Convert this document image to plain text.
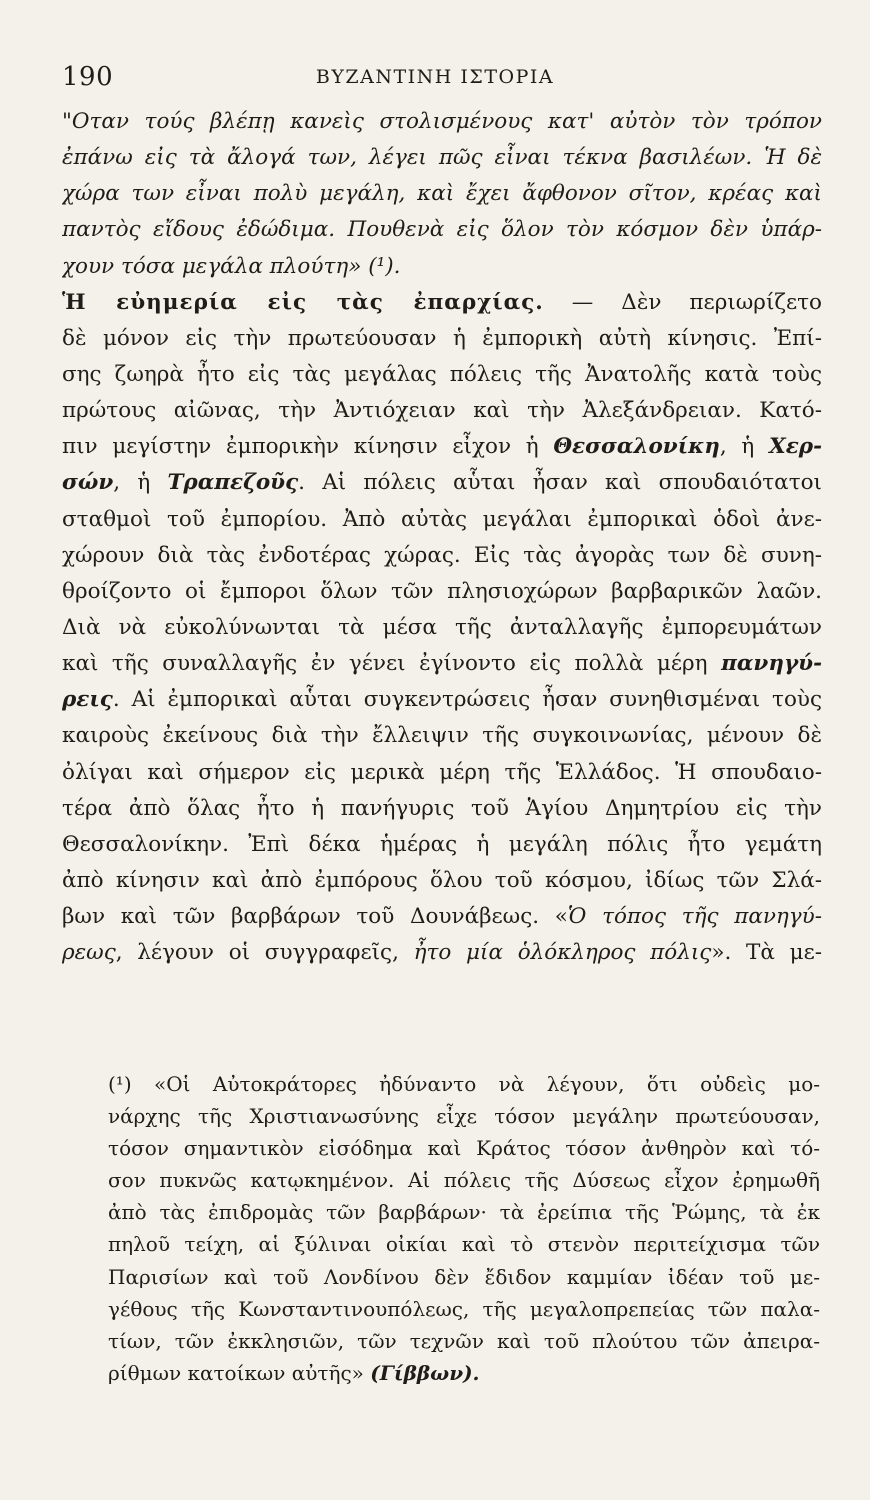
190	ΒΥΖΑΝΤΙΝΗ ΙΣΤΟΡΙΑ
"Οταν τούς βλέπῃ κανεὶς στολισμένους κατ' αὐτὸν τὸν τρόπον
ἐπάνω εἰς τὰ ἄλογά των, λέγει πῶς εἶναι τέκνα βασιλέων. Ἡ δὲ
χώρα των εἶναι πολὺ μεγάλη, καὶ ἔχει ἄφθονον σῖτον, κρέας καὶ
παντὸς εἴδους ἐδώδιμα. Πουθενὰ εἰς ὅλον τὸν κόσμον δὲν ὑπάρ-
χουν τόσα μεγάλα πλούτη» (¹).
Ἡ εὐημερία εἰς τὰς ἐπαρχίας. — Δὲν περιωρίζετο
δὲ μόνον εἰς τὴν πρωτεύουσαν ἡ ἐμπορικὴ αὐτὴ κίνησις. Ἐπί-
σης ζωηρὰ ἦτο εἰς τὰς μεγάλας πόλεις τῆς Ἀνατολῆς κατὰ τοὺς
πρώτους αἰῶνας, τὴν Ἀντιόχειαν καὶ τὴν Ἀλεξάνδρειαν. Κατό-
πιν μεγίστην ἐμπορικὴν κίνησιν εἶχον ἡ Θεσσαλονίκη, ἡ Χερ-
σών, ἡ Τραπεζοῦς. Αἱ πόλεις αὗται ἦσαν καὶ σπουδαιότατοι
σταθμοὶ τοῦ ἐμπορίου. Ἀπὸ αὐτὰς μεγάλαι ἐμπορικαὶ ὁδοὶ ἀνε-
χώρουν διὰ τὰς ἐνδοτέρας χώρας. Εἰς τὰς ἀγορὰς των δὲ συνη-
θροίζοντο οἱ ἔμποροι ὅλων τῶν πλησιοχώρων βαρβαρικῶν λαῶν.
Διὰ νὰ εὐκολύνωνται τὰ μέσα τῆς ἀνταλλαγῆς ἐμπορευμάτων
καὶ τῆς συναλλαγῆς ἐν γένει ἐγίνοντο εἰς πολλὰ μέρη πανηγύ-
ρεις. Αἱ ἐμπορικαὶ αὗται συγκεντρώσεις ἦσαν συνηθισμέναι τοὺς
καιροὺς ἐκείνους διὰ τὴν ἔλλειψιν τῆς συγκοινωνίας, μένουν δὲ
ὀλίγαι καὶ σήμερον εἰς μερικὰ μέρη τῆς Ἑλλάδος. Ἡ σπουδαιο-
τέρα ἀπὸ ὅλας ἦτο ἡ πανήγυρις τοῦ Ἁγίου Δημητρίου εἰς τὴν
Θεσσαλονίκην. Ἐπὶ δέκα ἡμέρας ἡ μεγάλη πόλις ἦτο γεμάτη
ἀπὸ κίνησιν καὶ ἀπὸ ἐμπόρους ὅλου τοῦ κόσμου, ἰδίως τῶν Σλά-
βων καὶ τῶν βαρβάρων τοῦ Δουνάβεως. «Ὁ τόπος τῆς πανηγύ-
ρεως, λέγουν οἱ συγγραφεῖς, ἦτο μία ὁλόκληρος πόλις». Τὰ με-
(¹) «Οἱ Αὐτοκράτορες ἠδύναντο νὰ λέγουν, ὅτι οὐδεὶς μο-
νάρχης τῆς Χριστιανωσύνης εἶχε τόσον μεγάλην πρωτεύουσαν,
τόσον σημαντικὸν εἰσόδημα καὶ Κράτος τόσον ἀνθηρὸν καὶ τό-
σον πυκνῶς κατῳκημένον. Αἱ πόλεις τῆς Δύσεως εἶχον ἐρημωθῆ
ἀπὸ τὰς ἐπιδρομὰς τῶν βαρβάρων· τὰ ἐρείπια τῆς Ῥώμης, τὰ ἐκ
πηλοῦ τείχη, αἱ ξύλιναι οἰκίαι καὶ τὸ στενὸν περιτείχισμα τῶν
Παρισίων καὶ τοῦ Λονδίνου δὲν ἔδιδον καμμίαν ἰδέαν τοῦ με-
γέθους τῆς Κωνσταντινουπόλεως, τῆς μεγαλοπρεπείας τῶν παλα-
τίων, τῶν ἐκκλησιῶν, τῶν τεχνῶν καὶ τοῦ πλούτου τῶν ἀπειρα-
ρίθμων κατοίκων αὐτῆς» (Γίββων).
